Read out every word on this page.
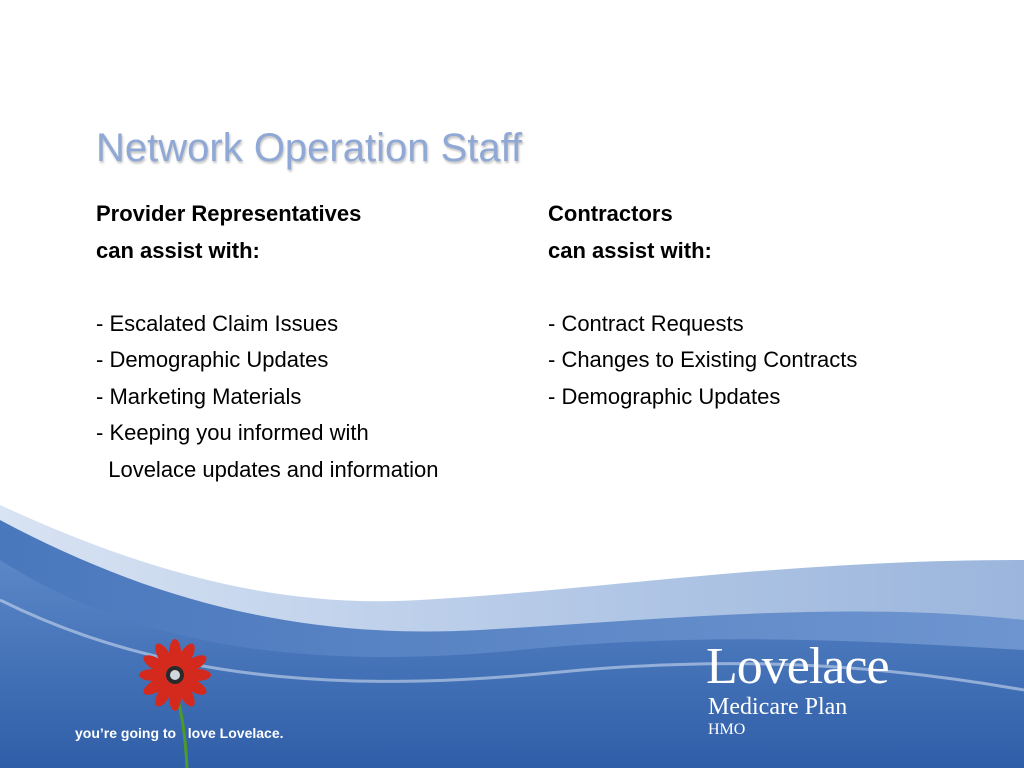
Network Operation Staff
Provider Representatives
can assist with:
- Escalated Claim Issues
- Demographic Updates
- Marketing Materials
- Keeping you informed with
Lovelace updates and information
Contractors
can assist with:
- Contract Requests
- Changes to Existing Contracts
- Demographic Updates
you’re going to love Lovelace.
Lovelace
Medicare Plan
HMO
